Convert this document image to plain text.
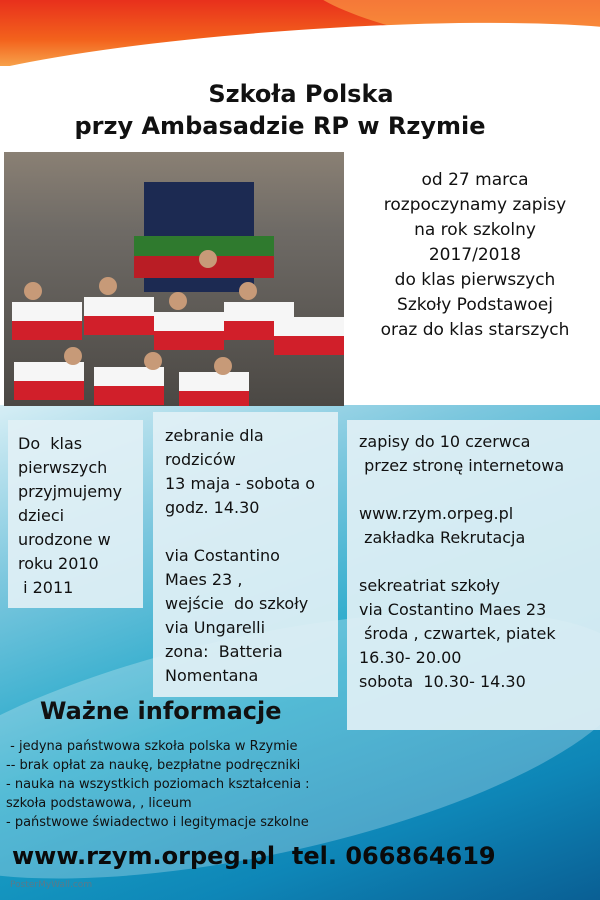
Szkoła Polska
przy Ambasadzie RP w Rzymie
od 27 marca
rozpoczynamy zapisy
na rok szkolny
2017/2018
do klas pierwszych
Szkoły Podstawoej
oraz do klas starszych
Do  klas
pierwszych
przyjmujemy
dzieci
urodzone w
roku 2010
i 2011
zebranie dla
rodziców
13 maja - sobota o
godz. 14.30

via Costantino
Maes 23 ,
wejście  do szkoły
via Ungarelli
zona:  Batteria
Nomentana
zapisy do 10 czerwca
przez stronę internetowa

www.rzym.orpeg.pl
zakładka Rekrutacja

sekreatriat szkoły
via Costantino Maes 23
środa , czwartek, piatek
16.30- 20.00
sobota  10.30- 14.30
Ważne informacje
- jedyna państwowa szkoła polska w Rzymie
-- brak opłat za naukę, bezpłatne podręczniki
- nauka na wszystkich poziomach kształcenia :
szkoła podstawowa, , liceum
- państwowe świadectwo i legitymacje szkolne
www.rzym.orpeg.pl  tel. 066864619
PosterMyWall.com
